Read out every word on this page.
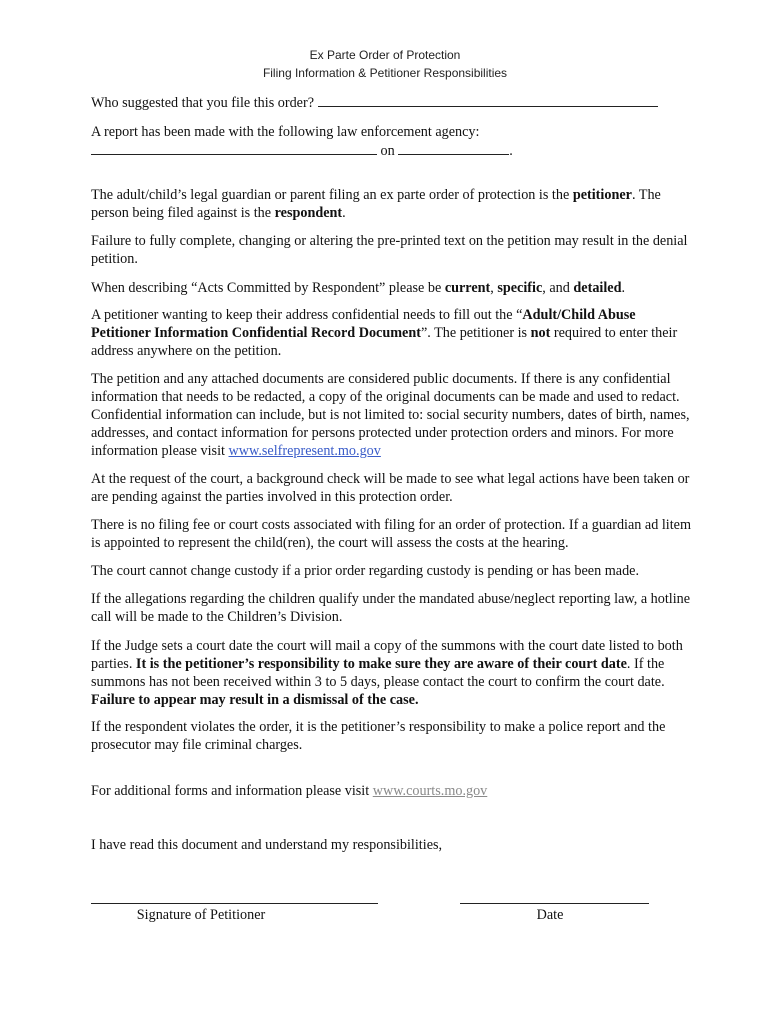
Ex Parte Order of Protection
Filing Information & Petitioner Responsibilities
Who suggested that you file this order?
A report has been made with the following law enforcement agency:
on	.
The adult/child’s legal guardian or parent filing an ex parte order of protection is the petitioner. The person being filed against is the respondent.
Failure to fully complete, changing or altering the pre-printed text on the petition may result in the denial petition.
When describing “Acts Committed by Respondent” please be current, specific, and detailed.
A petitioner wanting to keep their address confidential needs to fill out the “Adult/Child Abuse Petitioner Information Confidential Record Document”. The petitioner is not required to enter their address anywhere on the petition.
The petition and any attached documents are considered public documents. If there is any confidential information that needs to be redacted, a copy of the original documents can be made and used to redact. Confidential information can include, but is not limited to: social security numbers, dates of birth, names, addresses, and contact information for persons protected under protection orders and minors. For more information please visit www.selfrepresent.mo.gov
At the request of the court, a background check will be made to see what legal actions have been taken or are pending against the parties involved in this protection order.
There is no filing fee or court costs associated with filing for an order of protection. If a guardian ad litem is appointed to represent the child(ren), the court will assess the costs at the hearing.
The court cannot change custody if a prior order regarding custody is pending or has been made.
If the allegations regarding the children qualify under the mandated abuse/neglect reporting law, a hotline call will be made to the Children’s Division.
If the Judge sets a court date the court will mail a copy of the summons with the court date listed to both parties. It is the petitioner’s responsibility to make sure they are aware of their court date. If the summons has not been received within 3 to 5 days, please contact the court to confirm the court date. Failure to appear may result in a dismissal of the case.
If the respondent violates the order, it is the petitioner’s responsibility to make a police report and the prosecutor may file criminal charges.
For additional forms and information please visit www.courts.mo.gov
I have read this document and understand my responsibilities,
Signature of Petitioner	Date
